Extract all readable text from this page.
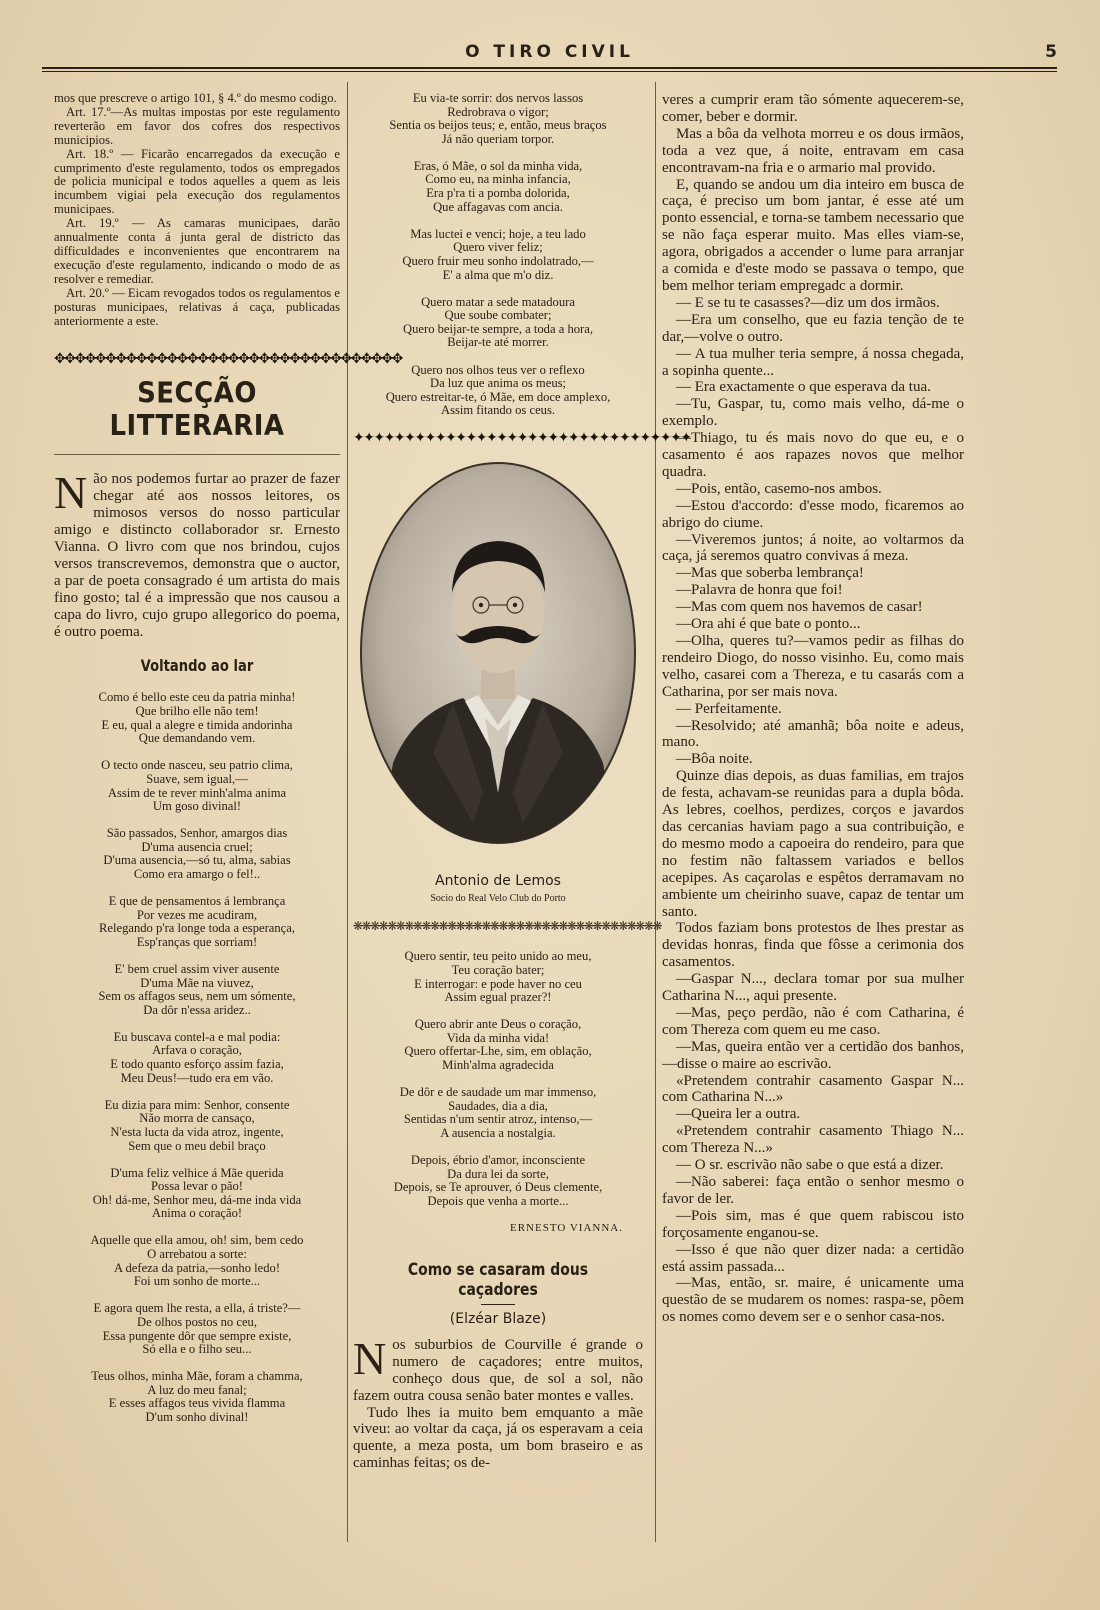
O TIRO CIVIL	5

mos que prescreve o artigo 101, § 4.º do mesmo codigo.

Art. 17.º—As multas impostas por este regulamento reverterão em favor dos cofres dos respectivos municipios.

Art. 18.º — Ficarão encarregados da execução e cumprimento d'este regulamento, todos os empregados de policia municipal e todos aquelles a quem as leis incumbem vigiai pela execução dos regulamentos municipaes.

Art. 19.º — As camaras municipaes, darão annualmente conta á junta geral de districto das difficuldades e inconvenientes que encontrarem na execução d'este regulamento, indicando o modo de as resolver e remediar.

Art. 20.º — Eicam revogados todos os regulamentos e posturas municipaes, relativas á caça, publicadas anteriormente a este.

✥✥✥✥✥✥✥✥✥✥✥✥✥✥✥✥✥✥✥✥✥✥✥✥✥✥✥✥✥✥✥✥✥✥
SECÇÃO LITTERARIA

Não nos podemos furtar ao prazer de fazer chegar até aos nossos leitores, os mimosos versos do nosso particular amigo e distincto collaborador sr. Ernesto Vianna. O livro com que nos brindou, cujos versos transcrevemos, demonstra que o auctor, a par de poeta consagrado é um artista do mais fino gosto; tal é a impressão que nos causou a capa do livro, cujo grupo allegorico do poema, é outro poema.

Voltando ao lar
Como é bello este ceu da patria minha!
Que brilho elle não tem!
E eu, qual a alegre e timida andorinha
Que demandando vem.
O tecto onde nasceu, seu patrio clima,
Suave, sem igual,—
Assim de te rever minh'alma anima
Um goso divinal!
São passados, Senhor, amargos dias
D'uma ausencia cruel;
D'uma ausencia,—só tu, alma, sabias
Como era amargo o fel!..
E que de pensamentos á lembrança
Por vezes me acudiram,
Relegando p'ra longe toda a esperança,
Esp'ranças que sorriam!
E' bem cruel assim viver ausente
D'uma Mãe na viuvez,
Sem os affagos seus, nem um sómente,
Da dôr n'essa aridez..
Eu buscava contel-a e mal podia:
Arfava o coração,
E todo quanto esforço assim fazia,
Meu Deus!—tudo era em vão.
Eu dizia para mim: Senhor, consente
Não morra de cansaço,
N'esta lucta da vida atroz, ingente,
Sem que o meu debil braço
D'uma feliz velhice á Mãe querida
Possa levar o pão!
Oh! dá-me, Senhor meu, dá-me inda vida
Anima o coração!
Aquelle que ella amou, oh! sim, bem cedo
O arrebatou a sorte:
A defeza da patria,—sonho ledo!
Foi um sonho de morte...
E agora quem lhe resta, a ella, á triste?—
De olhos postos no ceu,
Essa pungente dôr que sempre existe,
Só ella e o filho seu...
Teus olhos, minha Mãe, foram a chamma,
A luz do meu fanal;
E esses affagos teus vivida flamma
D'um sonho divinal!
Eu via-te sorrir: dos nervos lassos
Redrobrava o vigor;
Sentia os beijos teus; e, então, meus braços
Já não queriam torpor.
Eras, ó Mãe, o sol da minha vida,
Como eu, na minha infancia,
Era p'ra ti a pomba dolorida,
Que affagavas com ancia.
Mas luctei e venci; hoje, a teu lado
Quero viver feliz;
Quero fruir meu sonho indolatrado,—
E' a alma que m'o diz.
Quero matar a sede matadoura
Que soube combater;
Quero beijar-te sempre, a toda a hora,
Beijar-te até morrer.
Quero nos olhos teus ver o reflexo
Da luz que anima os meus;
Quero estreitar-te, ó Mãe, em doce amplexo,
Assim fitando os ceus.
✦✦✦✦✦✦✦✦✦✦✦✦✦✦✦✦✦✦✦✦✦✦✦✦✦✦✦✦✦✦✦✦✦
Antonio de Lemos
Socio do Real Velo Club do Porto
❋❋❋❋❋❋❋❋❋❋❋❋❋❋❋❋❋❋❋❋❋❋❋❋❋❋❋❋❋❋❋❋❋❋❋❋
Quero sentir, teu peito unido ao meu,
Teu coração bater;
E interrogar: e pode haver no ceu
Assim egual prazer?!
Quero abrir ante Deus o coração,
Vida da minha vida!
Quero offertar-Lhe, sim, em oblação,
Minh'alma agradecida
De dôr e de saudade um mar immenso,
Saudades, dia a dia,
Sentidas n'um sentir atroz, intenso,—
A ausencia a nostalgia.
Depois, ébrio d'amor, inconsciente
Da dura lei da sorte,
Depois, se Te aprouver, ó Deus clemente,
Depois que venha a morte...
ERNESTO VIANNA.
Como se casaram dous caçadores
(Elzéar Blaze)

Nos suburbios de Courville é grande o numero de caçadores; entre muitos, conheço dous que, de sol a sol, não fazem outra cousa senão bater montes e valles.

Tudo lhes ia muito bem emquanto a mãe viveu: ao voltar da caça, já os esperavam a ceia quente, a meza posta, um bom braseiro e as caminhas feitas; os de-

veres a cumprir eram tão sómente aquecerem-se, comer, beber e dormir.

Mas a bôa da velhota morreu e os dous irmãos, toda a vez que, á noite, entravam em casa encontravam-na fria e o armario mal provido.

E, quando se andou um dia inteiro em busca de caça, é preciso um bom jantar, é esse até um ponto essencial, e torna-se tambem necessario que se não faça esperar muito. Mas elles viam-se, agora, obrigados a accender o lume para arranjar a comida e d'este modo se passava o tempo, que bem melhor teriam empregadc a dormir.

— E se tu te casasses?—diz um dos irmãos.

—Era um conselho, que eu fazia tenção de te dar,—volve o outro.

— A tua mulher teria sempre, á nossa chegada, a sopinha quente...

— Era exactamente o que esperava da tua.

—Tu, Gaspar, tu, como mais velho, dá-me o exemplo.

—Thiago, tu és mais novo do que eu, e o casamento é aos rapazes novos que melhor quadra.

—Pois, então, casemo-nos ambos.

—Estou d'accordo: d'esse modo, ficaremos ao abrigo do ciume.

—Viveremos juntos; á noite, ao voltarmos da caça, já seremos quatro convivas á meza.

—Mas que soberba lembrança!

—Palavra de honra que foi!

—Mas com quem nos havemos de casar!

—Ora ahi é que bate o ponto...

—Olha, queres tu?—vamos pedir as filhas do rendeiro Diogo, do nosso visinho. Eu, como mais velho, casarei com a Thereza, e tu casarás com a Catharina, por ser mais nova.

— Perfeitamente.

—Resolvido; até amanhã; bôa noite e adeus, mano.

—Bôa noite.

Quinze dias depois, as duas familias, em trajos de festa, achavam-se reunidas para a dupla bôda. As lebres, coelhos, perdizes, corços e javardos das cercanias haviam pago a sua contribuição, e do mesmo modo a capoeira do rendeiro, para que no festim não faltassem variados e bellos acepipes. As caçarolas e espêtos derramavam no ambiente um cheirinho suave, capaz de tentar um santo.

Todos faziam bons protestos de lhes prestar as devidas honras, finda que fôsse a cerimonia dos casamentos.

—Gaspar N..., declara tomar por sua mulher Catharina N..., aqui presente.

—Mas, peço perdão, não é com Catharina, é com Thereza com quem eu me caso.

—Mas, queira então ver a certidão dos banhos,—disse o maire ao escrivão.

«Pretendem contrahir casamento Gaspar N... com Catharina N...»

—Queira ler a outra.

«Pretendem contrahir casamento Thiago N... com Thereza N...»

— O sr. escrivão não sabe o que está a dizer.

—Não saberei: faça então o senhor mesmo o favor de ler.

—Pois sim, mas é que quem rabiscou isto forçosamente enganou-se.

—Isso é que não quer dizer nada: a certidão está assim passada...

—Mas, então, sr. maire, é unicamente uma questão de se mudarem os nomes: raspa-se, põem os nomes como devem ser e o senhor casa-nos.
